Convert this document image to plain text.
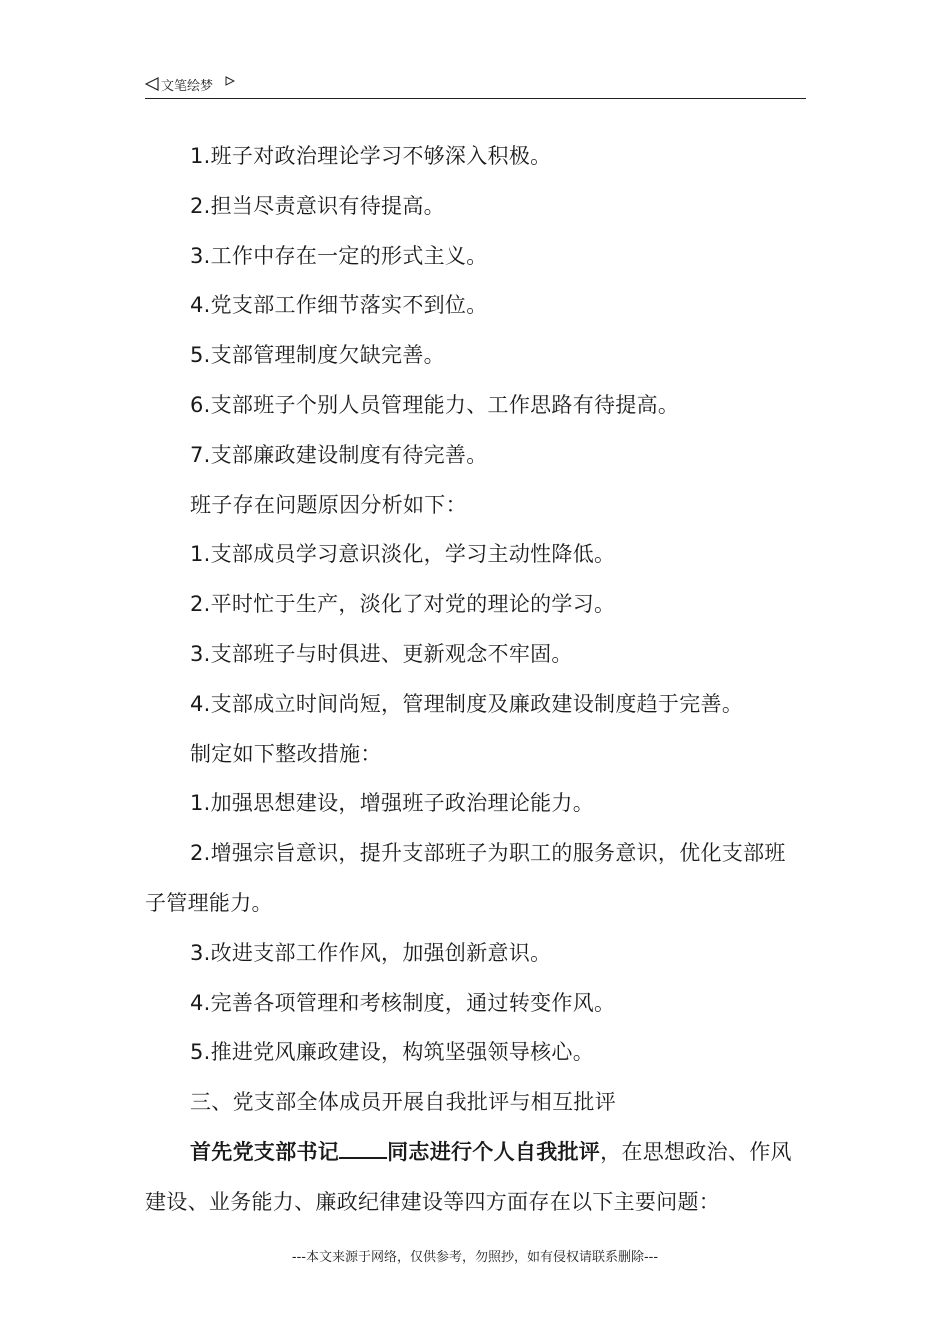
文笔绘梦
1.班子对政治理论学习不够深入积极。
2.担当尽责意识有待提高。
3.工作中存在一定的形式主义。
4.党支部工作细节落实不到位。
5.支部管理制度欠缺完善。
6.支部班子个别人员管理能力、工作思路有待提高。
7.支部廉政建设制度有待完善。
班子存在问题原因分析如下：
1.支部成员学习意识淡化，学习主动性降低。
2.平时忙于生产，淡化了对党的理论的学习。
3.支部班子与时俱进、更新观念不牢固。
4.支部成立时间尚短，管理制度及廉政建设制度趋于完善。
制定如下整改措施：
1.加强思想建设，增强班子政治理论能力。
2.增强宗旨意识，提升支部班子为职工的服务意识，优化支部班子管理能力。
3.改进支部工作作风，加强创新意识。
4.完善各项管理和考核制度，通过转变作风。
5.推进党风廉政建设，构筑坚强领导核心。
三、党支部全体成员开展自我批评与相互批评
首先党支部书记 同志进行个人自我批评，在思想政治、作风建设、业务能力、廉政纪律建设等四方面存在以下主要问题：
---本文来源于网络，仅供参考，勿照抄，如有侵权请联系删除---
